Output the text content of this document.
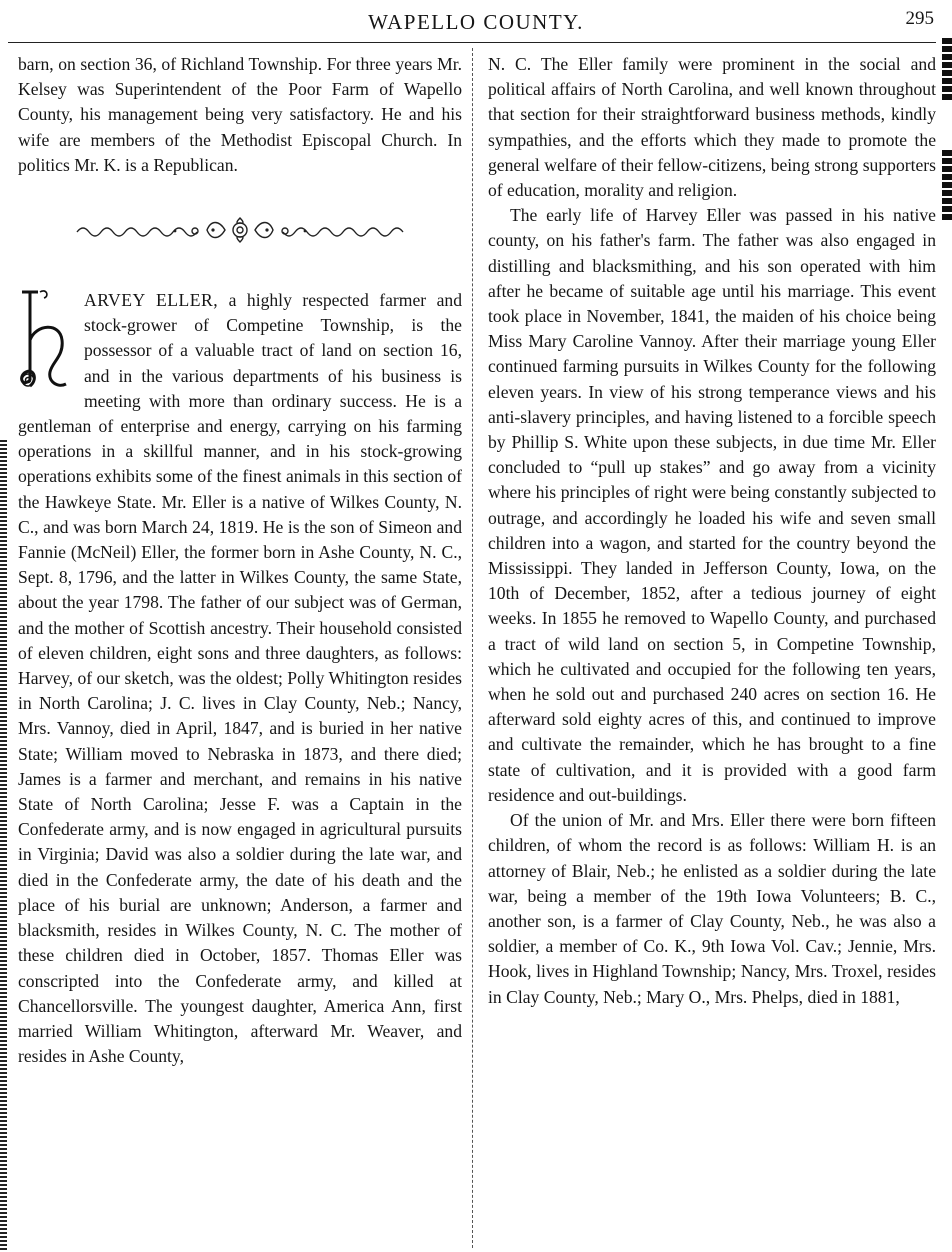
WAPELLO COUNTY.	295

barn, on section 36, of Richland Township. For three years Mr. Kelsey was Superintendent of the Poor Farm of Wapello County, his management being very satisfactory. He and his wife are members of the Methodist Episcopal Church. In politics Mr. K. is a Republican.

ARVEY ELLER, a highly respected farmer and stock-grower of Competine Township, is the possessor of a valuable tract of land on section 16, and in the various departments of his business is meeting with more than ordinary success. He is a gentleman of enterprise and energy, carrying on his farming operations in a skillful manner, and in his stock-growing operations exhibits some of the finest animals in this section of the Hawkeye State. Mr. Eller is a native of Wilkes County, N. C., and was born March 24, 1819. He is the son of Simeon and Fannie (McNeil) Eller, the former born in Ashe County, N. C., Sept. 8, 1796, and the latter in Wilkes County, the same State, about the year 1798. The father of our subject was of German, and the mother of Scottish ancestry. Their household consisted of eleven children, eight sons and three daughters, as follows: Harvey, of our sketch, was the oldest; Polly Whitington resides in North Carolina; J. C. lives in Clay County, Neb.; Nancy, Mrs. Vannoy, died in April, 1847, and is buried in her native State; William moved to Nebraska in 1873, and there died; James is a farmer and merchant, and remains in his native State of North Carolina; Jesse F. was a Captain in the Confederate army, and is now engaged in agricultural pursuits in Virginia; David was also a soldier during the late war, and died in the Confederate army, the date of his death and the place of his burial are unknown; Anderson, a farmer and blacksmith, resides in Wilkes County, N. C. The mother of these children died in October, 1857. Thomas Eller was conscripted into the Confederate army, and killed at Chancellorsville. The youngest daughter, America Ann, first married William Whitington, afterward Mr. Weaver, and resides in Ashe County,

N. C. The Eller family were prominent in the social and political affairs of North Carolina, and well known throughout that section for their straightforward business methods, kindly sympathies, and the efforts which they made to promote the general welfare of their fellow-citizens, being strong supporters of education, morality and religion.

The early life of Harvey Eller was passed in his native county, on his father's farm. The father was also engaged in distilling and blacksmithing, and his son operated with him after he became of suitable age until his marriage. This event took place in November, 1841, the maiden of his choice being Miss Mary Caroline Vannoy. After their marriage young Eller continued farming pursuits in Wilkes County for the following eleven years. In view of his strong temperance views and his anti-slavery principles, and having listened to a forcible speech by Phillip S. White upon these subjects, in due time Mr. Eller concluded to “pull up stakes” and go away from a vicinity where his principles of right were being constantly subjected to outrage, and accordingly he loaded his wife and seven small children into a wagon, and started for the country beyond the Mississippi. They landed in Jefferson County, Iowa, on the 10th of December, 1852, after a tedious journey of eight weeks. In 1855 he removed to Wapello County, and purchased a tract of wild land on section 5, in Competine Township, which he cultivated and occupied for the following ten years, when he sold out and purchased 240 acres on section 16. He afterward sold eighty acres of this, and continued to improve and cultivate the remainder, which he has brought to a fine state of cultivation, and it is provided with a good farm residence and out-buildings.

Of the union of Mr. and Mrs. Eller there were born fifteen children, of whom the record is as follows: William H. is an attorney of Blair, Neb.; he enlisted as a soldier during the late war, being a member of the 19th Iowa Volunteers; B. C., another son, is a farmer of Clay County, Neb., he was also a soldier, a member of Co. K., 9th Iowa Vol. Cav.; Jennie, Mrs. Hook, lives in Highland Township; Nancy, Mrs. Troxel, resides in Clay County, Neb.; Mary O., Mrs. Phelps, died in 1881,
